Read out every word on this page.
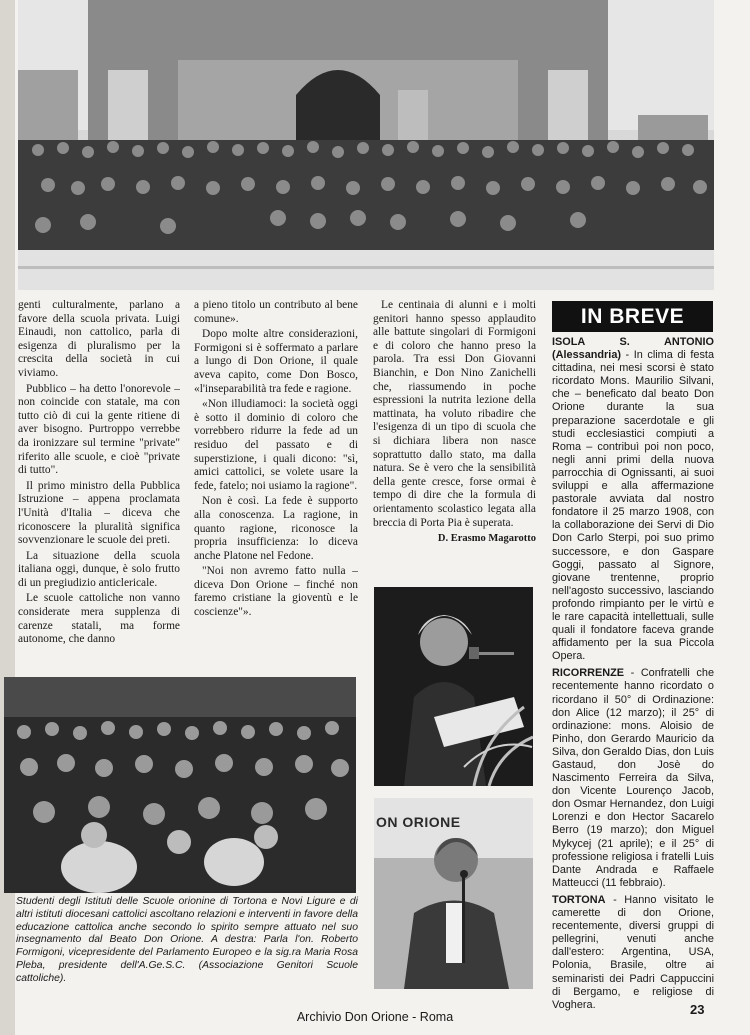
genti culturalmente, parlano a favore della scuola privata. Luigi Einaudi, non cattolico, parla di esigenza di pluralismo per la crescita della società in cui viviamo.

Pubblico – ha detto l'onorevole – non coincide con statale, ma con tutto ciò di cui la gente ritiene di aver bisogno. Purtroppo verrebbe da ironizzare sul termine "private" riferito alle scuole, e cioè "private di tutto".

Il primo ministro della Pubblica Istruzione – appena proclamata l'Unità d'Italia – diceva che riconoscere la pluralità significa sovvenzionare le scuole dei preti.

La situazione della scuola italiana oggi, dunque, è solo frutto di un pregiudizio anticlericale.

Le scuole cattoliche non vanno considerate mera supplenza di carenze statali, ma forme autonome, che danno

a pieno titolo un contributo al bene comune».

Dopo molte altre considerazioni, Formigoni si è soffermato a parlare a lungo di Don Orione, il quale aveva capito, come Don Bosco, «l'inseparabilità tra fede e ragione.

«Non illudiamoci: la società oggi è sotto il dominio di coloro che vorrebbero ridurre la fede ad un residuo del passato e di superstizione, i quali dicono: "sì, amici cattolici, se volete usare la fede, fatelo; noi usiamo la ragione".

Non è così. La fede è supporto alla conoscenza. La ragione, in quanto ragione, riconosce la propria insufficienza: lo diceva anche Platone nel Fedone.

"Noi non avremo fatto nulla – diceva Don Orione – finché non faremo cristiane la gioventù e le coscienze"».

Le centinaia di alunni e i molti genitori hanno spesso applaudito alle battute singolari di Formigoni e di coloro che hanno preso la parola. Tra essi Don Giovanni Bianchin, e Don Nino Zanichelli che, riassumendo in poche espressioni la nutrita lezione della mattinata, ha voluto ribadire che l'esigenza di un tipo di scuola che si dichiara libera non nasce soprattutto dallo stato, ma dalla natura. Se è vero che la sensibilità della gente cresce, forse ormai è tempo di dire che la formula di orientamento scolastico legata alla breccia di Porta Pia è superata.

D. Erasmo Magarotto
ON ORIONE
IN BREVE

ISOLA S. ANTONIO (Alessandria) - In clima di festa cittadina, nei mesi scorsi è stato ricordato Mons. Maurilio Silvani, che – beneficato dal beato Don Orione durante la sua preparazione sacerdotale e gli studi ecclesiastici compiuti a Roma – contribuì poi non poco, negli anni primi della nuova parrocchia di Ognissanti, ai suoi sviluppi e alla affermazione pastorale avviata dal nostro fondatore il 25 marzo 1908, con la collaborazione dei Servi di Dio Don Carlo Sterpi, poi suo primo successore, e don Gaspare Goggi, passato al Signore, giovane trentenne, proprio nell'agosto successivo, lasciando profondo rimpianto per le virtù e le rare capacità intellettuali, sulle quali il fondatore faceva grande affidamento per la sua Piccola Opera.

RICORRENZE - Confratelli che recentemente hanno ricordato o ricordano il 50° di Ordinazione: don Alice (12 marzo); il 25° di ordinazione: mons. Aloisio de Pinho, don Gerardo Mauricio da Silva, don Geraldo Dias, don Luis Gastaud, don Josè do Nascimento Ferreira da Silva, don Vicente Lourenço Jacob, don Osmar Hernandez, don Luigi Lorenzi e don Hector Sacarelo Berro (19 marzo); don Miguel Mykycej (21 aprile); e il 25° di professione religiosa i fratelli Luis Dante Andrada e Raffaele Matteucci (11 febbraio).

TORTONA - Hanno visitato le camerette di don Orione, recentemente, diversi gruppi di pellegrini, venuti anche dall'estero: Argentina, USA, Polonia, Brasile, oltre ai seminaristi dei Padri Cappuccini di Bergamo, e religiose di Voghera.

Studenti degli Istituti delle Scuole orionine di Tortona e Novi Ligure e di altri istituti diocesani cattolici ascoltano relazioni e interventi in favore della educazione cattolica anche secondo lo spirito sempre attuato nel suo insegnamento dal Beato Don Orione. A destra: Parla l'on. Roberto Formigoni, vicepresidente del Parlamento Europeo e la sig.ra Maria Rosa Pleba, presidente dell'A.Ge.S.C. (Associazione Genitori Scuole cattoliche).
23
Archivio Don Orione - Roma
